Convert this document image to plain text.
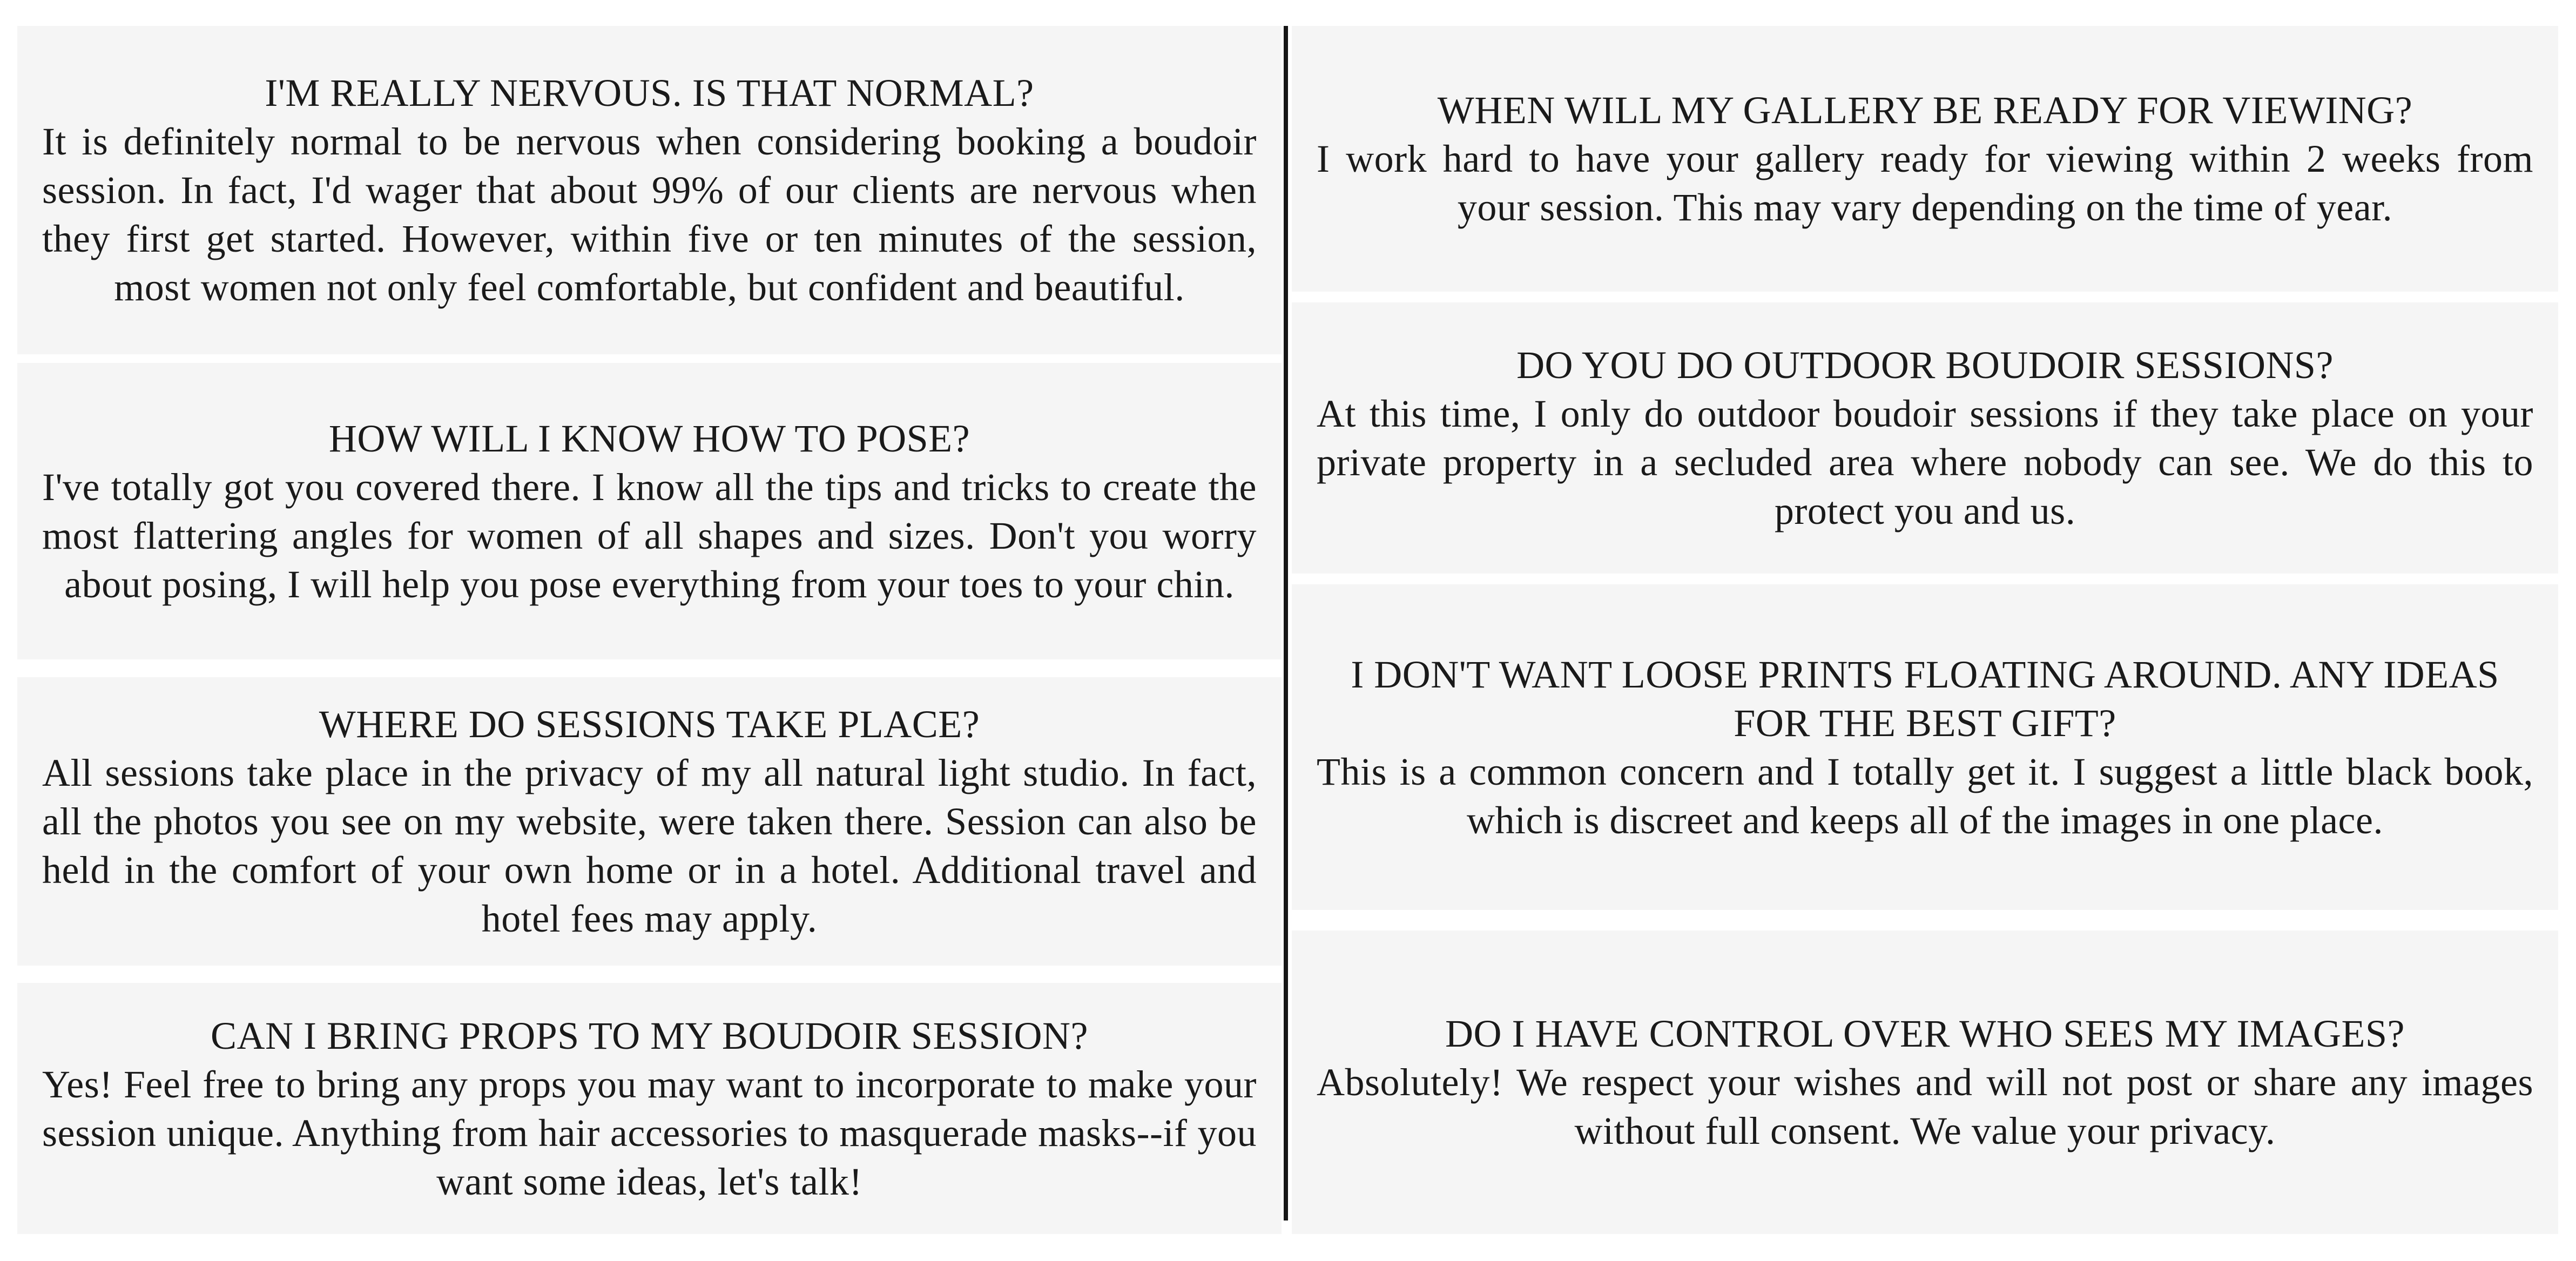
I'M REALLY NERVOUS. IS THAT NORMAL?

It is definitely normal to be nervous when considering booking a boudoir session. In fact, I'd wager that about 99% of our clients are nervous when they first get started. However, within five or ten minutes of the session, most women not only feel comfortable, but confident and beautiful.

HOW WILL I KNOW HOW TO POSE?

I've totally got you covered there. I know all the tips and tricks to create the most flattering angles for women of all shapes and sizes. Don't you worry about posing, I will help you pose everything from your toes to your chin.

WHERE DO SESSIONS TAKE PLACE?

All sessions take place in the privacy of my all natural light studio. In fact, all the photos you see on my website, were taken there. Session can also be held in the comfort of your own home or in a hotel. Additional travel and hotel fees may apply.

CAN I BRING PROPS TO MY BOUDOIR SESSION?

Yes! Feel free to bring any props you may want to incorporate to make your session unique. Anything from hair accessories to masquerade masks--if you want some ideas, let's talk!

WHEN WILL MY GALLERY BE READY FOR VIEWING?

I work hard to have your gallery ready for viewing within 2 weeks from your session. This may vary depending on the time of year.

DO YOU DO OUTDOOR BOUDOIR SESSIONS?

At this time, I only do outdoor boudoir sessions if they take place on your private property in a secluded area where nobody can see. We do this to protect you and us.

I DON'T WANT LOOSE PRINTS FLOATING AROUND. ANY IDEAS FOR THE BEST GIFT?

This is a common concern and I totally get it. I suggest a little black book, which is discreet and keeps all of the images in one place.

DO I HAVE CONTROL OVER WHO SEES MY IMAGES?

Absolutely! We respect your wishes and will not post or share any images without full consent. We value your privacy.
